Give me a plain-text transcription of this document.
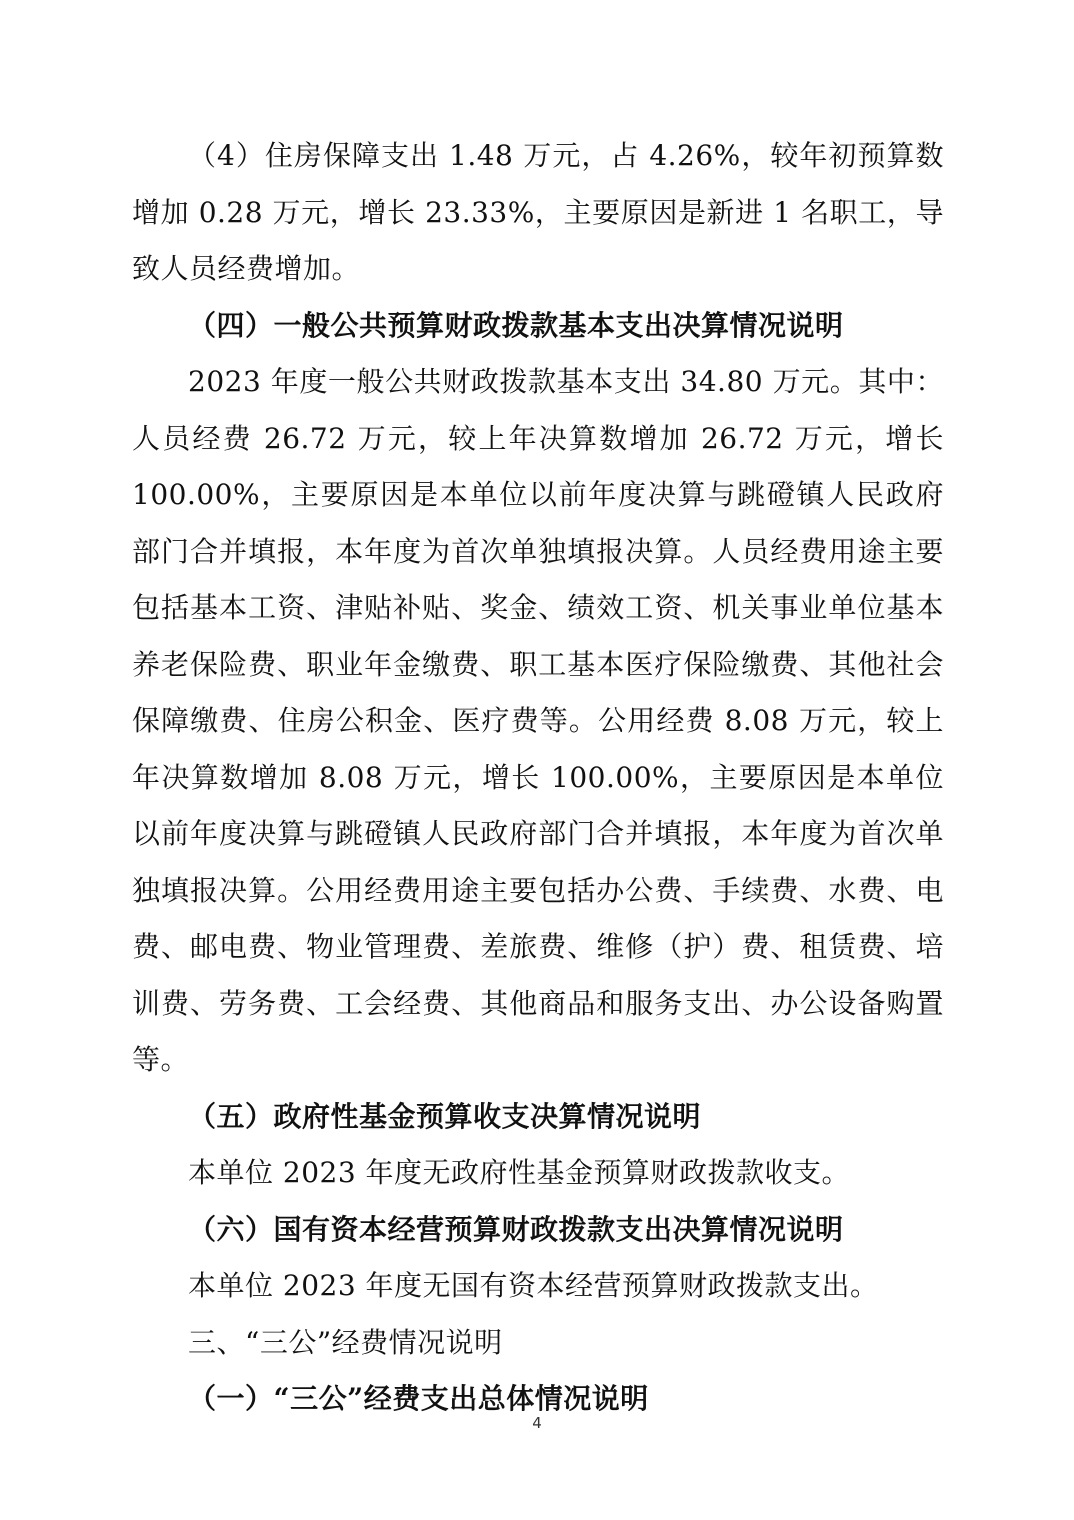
（4）住房保障支出 1.48 万元，占 4.26%，较年初预算数增加 0.28 万元，增长 23.33%，主要原因是新进 1 名职工，导致人员经费增加。

（四）一般公共预算财政拨款基本支出决算情况说明

2023 年度一般公共财政拨款基本支出 34.80 万元。其中：人员经费 26.72 万元，较上年决算数增加 26.72 万元，增长 100.00%，主要原因是本单位以前年度决算与跳磴镇人民政府部门合并填报，本年度为首次单独填报决算。人员经费用途主要包括基本工资、津贴补贴、奖金、绩效工资、机关事业单位基本养老保险费、职业年金缴费、职工基本医疗保险缴费、其他社会保障缴费、住房公积金、医疗费等。公用经费 8.08 万元，较上年决算数增加 8.08 万元，增长 100.00%，主要原因是本单位以前年度决算与跳磴镇人民政府部门合并填报，本年度为首次单独填报决算。公用经费用途主要包括办公费、手续费、水费、电费、邮电费、物业管理费、差旅费、维修（护）费、租赁费、培训费、劳务费、工会经费、其他商品和服务支出、办公设备购置等。

（五）政府性基金预算收支决算情况说明

本单位 2023 年度无政府性基金预算财政拨款收支。

（六）国有资本经营预算财政拨款支出决算情况说明

本单位 2023 年度无国有资本经营预算财政拨款支出。

三、“三公”经费情况说明

（一）“三公”经费支出总体情况说明

4
